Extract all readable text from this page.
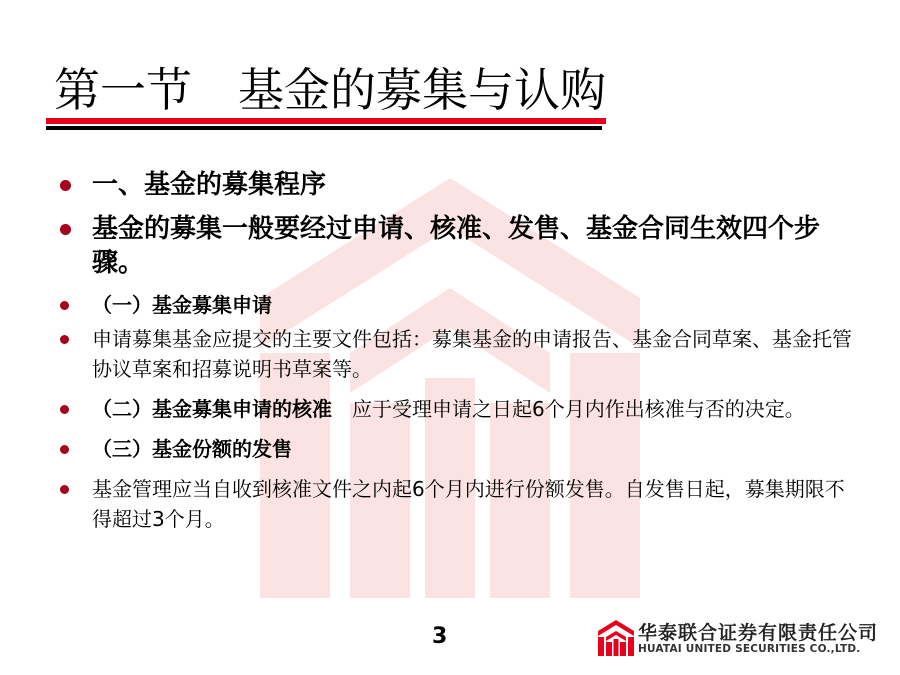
第一节　基金的募集与认购
一、基金的募集程序
基金的募集一般要经过申请、核准、发售、基金合同生效四个步骤。
（一）基金募集申请
申请募集基金应提交的主要文件包括：募集基金的申请报告、基金合同草案、基金托管协议草案和招募说明书草案等。
（二）基金募集申请的核准　应于受理申请之日起6个月内作出核准与否的决定。
（三）基金份额的发售
基金管理应当自收到核准文件之内起6个月内进行份额发售。自发售日起，募集期限不得超过3个月。
3	华泰联合证券有限责任公司
HUATAI UNITED SECURITIES CO.,LTD.
